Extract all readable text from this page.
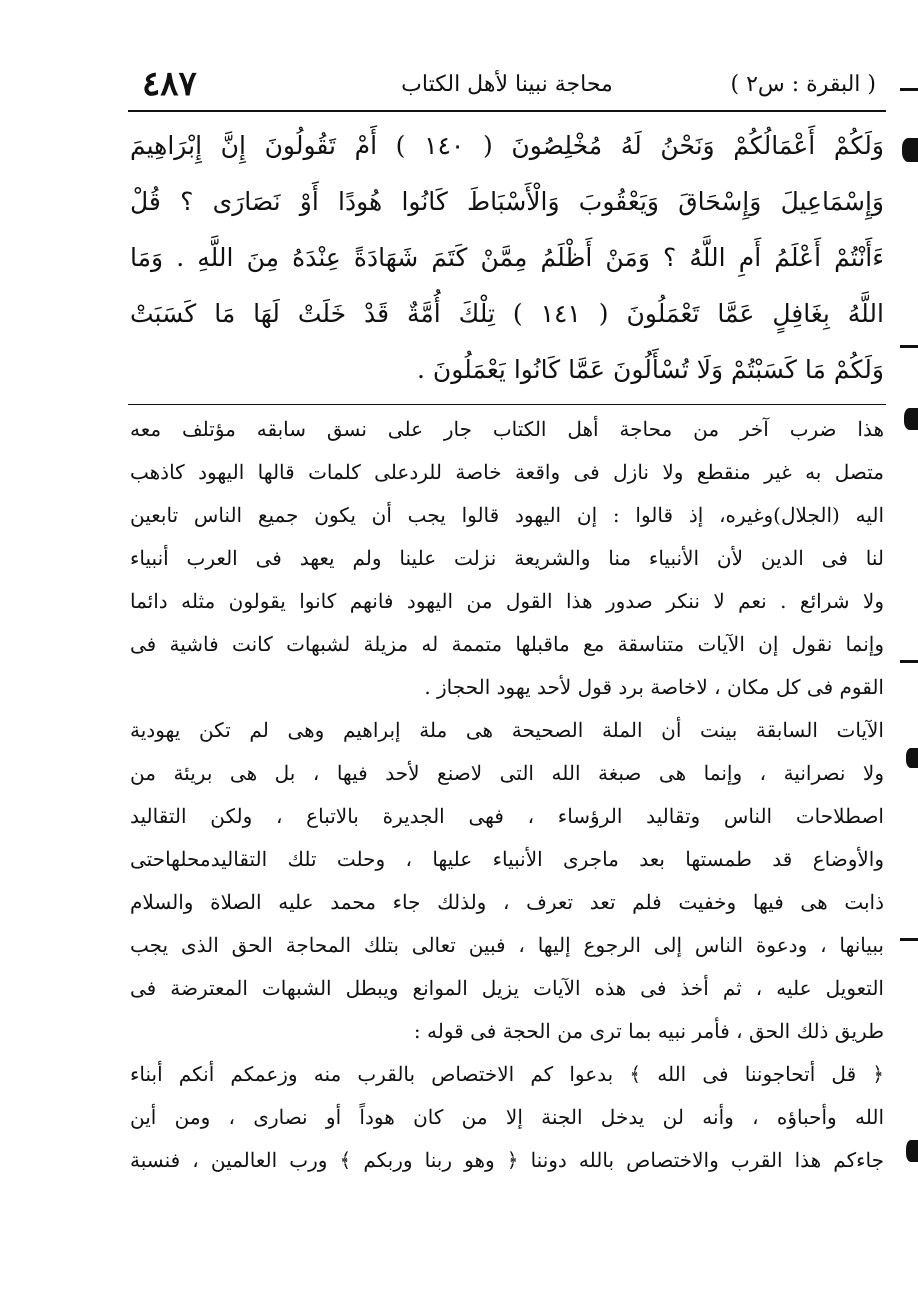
( البقرة : س٢ )
محاجة نبينا لأهل الكتاب
٤٨٧
وَلَكُمْ أَعْمَالُكُمْ وَنَحْنُ لَهُ مُخْلِصُونَ ( ١٤٠ ) أَمْ تَقُولُونَ إِنَّ إِبْرَاهِيمَ
وَإِسْمَاعِيلَ وَإِسْحَاقَ وَيَعْقُوبَ وَالْأَسْبَاطَ كَانُوا هُودًا أَوْ نَصَارَى ؟ قُلْ
ءَأَنْتُمْ أَعْلَمُ أَمِ اللَّهُ ؟ وَمَنْ أَظْلَمُ مِمَّنْ كَتَمَ شَهَادَةً عِنْدَهُ مِنَ اللَّهِ . وَمَا
اللَّهُ بِغَافِلٍ عَمَّا تَعْمَلُونَ ( ١٤١ ) تِلْكَ أُمَّةٌ قَدْ خَلَتْ لَهَا مَا كَسَبَتْ
وَلَكُمْ مَا كَسَبْتُمْ وَلَا تُسْأَلُونَ عَمَّا كَانُوا يَعْمَلُونَ .
هذا ضرب آخر من محاجة أهل الكتاب جار على نسق سابقه مؤتلف معه
متصل به غير منقطع ولا نازل فى واقعة خاصة للردعلى كلمات قالها اليهود كاذهب
اليه (الجلال)وغيره، إذ قالوا : إن اليهود قالوا يجب أن يكون جميع الناس تابعين
لنا فى الدين لأن الأنبياء منا والشريعة نزلت علينا ولم يعهد فى العرب أنبياء
ولا شرائع . نعم لا ننكر صدور هذا القول من اليهود فانهم كانوا يقولون مثله دائما
وإنما نقول إن الآيات متناسقة مع ماقبلها متممة له مزيلة لشبهات كانت فاشية فى
القوم فى كل مكان ، لاخاصة برد قول لأحد يهود الحجاز .
الآيات السابقة بينت أن الملة الصحيحة هى ملة إبراهيم وهى لم تكن يهودية
ولا نصرانية ، وإنما هى صبغة الله التى لاصنع لأحد فيها ، بل هى بريئة من
اصطلاحات الناس وتقاليد الرؤساء ، فهى الجديرة بالاتباع ، ولكن التقاليد
والأوضاع قد طمستها بعد ماجرى الأنبياء عليها ، وحلت تلك التقاليدمحلهاحتى
ذابت هى فيها وخفيت فلم تعد تعرف ، ولذلك جاء محمد عليه الصلاة والسلام
ببيانها ، ودعوة الناس إلى الرجوع إليها ، فبين تعالى بتلك المحاجة الحق الذى يجب
التعويل عليه ، ثم أخذ فى هذه الآيات يزيل الموانع ويبطل الشبهات المعترضة فى
طريق ذلك الحق ، فأمر نبيه بما ترى من الحجة فى قوله :
﴿ قل أتحاجوننا فى الله ﴾ بدعوا كم الاختصاص بالقرب منه وزعمكم أنكم أبناء
الله وأحباؤه ، وأنه لن يدخل الجنة إلا من كان هوداً أو نصارى ، ومن أين
جاءكم هذا القرب والاختصاص بالله دوننا ﴿ وهو ربنا وربكم ﴾ ورب العالمين ، فنسبة
